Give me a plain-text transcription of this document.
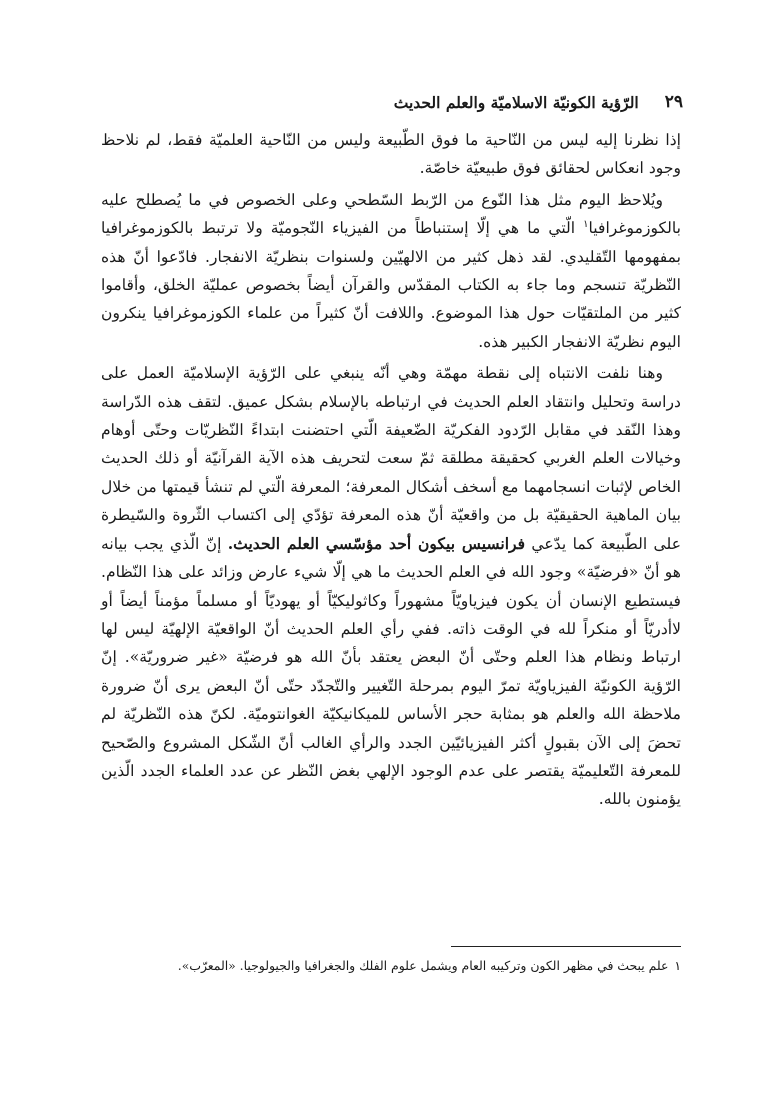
٢٩
الرّؤية الكونيّة الاسلاميّة والعلم الحديث

إذا نظرنا إليه ليس من النّاحية ما فوق الطّبيعة وليس من النّاحية العلميّة فقط، لم نلاحظ وجود انعكاس لحقائق فوق طبيعيّة خاصّة.

ويُلاحظ اليوم مثل هذا النّوع من الرّبط السّطحي وعلى الخصوص في ما يُصطلح عليه بالكوزموغرافيا$^١$ الّتي ما هي إلّا إستنباطاً من الفيزياء النّجوميّة ولا ترتبط بالكوزموغرافيا بمفهومها التّقليدي. لقد ذهل كثير من الالهيّين ولسنوات بنظريّة الانفجار. فادّعوا أنّ هذه النّظريّة تنسجم وما جاء به الكتاب المقدّس والقرآن أيضاً بخصوص عمليّة الخلق، وأقاموا كثير من الملتقيّات حول هذا الموضوع. واللافت أنّ كثيراً من علماء الكوزموغرافيا ينكرون اليوم نظريّة الانفجار الكبير هذه.

وهنا نلفت الانتباه إلى نقطة مهمّة وهي أنّه ينبغي على الرّؤية الإسلاميّة العمل على دراسة وتحليل وانتقاد العلم الحديث في ارتباطه بالإسلام بشكل عميق. لتقف هذه الدّراسة وهذا النّقد في مقابل الرّدود الفكريّة الضّعيفة الّتي احتضنت ابتداءً النّظريّات وحتّى أوهام وخيالات العلم الغربي كحقيقة مطلقة ثمّ سعت لتحريف هذه الآية القرآنيّة أو ذلك الحديث الخاص لإثبات انسجامهما مع أسخف أشكال المعرفة؛ المعرفة الّتي لم تنشأ قيمتها من خلال بيان الماهية الحقيقيّة بل من واقعيّة أنّ هذه المعرفة تؤدّي إلى اكتساب الثّروة والسّيطرة على الطّبيعة كما يدّعي فرانسيس بيكون أحد مؤسّسي العلم الحديث. إنّ الّذي يجب بيانه هو أنّ «فرضيّة» وجود الله في العلم الحديث ما هي إلّا شيء عارض وزائد على هذا النّظام. فيستطيع الإنسان أن يكون فيزياويّاً مشهوراً وكاثوليكيّاً أو يهوديّاً أو مسلماً مؤمناً أيضاً أو لاأدريّاً أو منكراً لله في الوقت ذاته. ففي رأي العلم الحديث أنّ الواقعيّة الإلهيّة ليس لها ارتباط ونظام هذا العلم وحتّى أنّ البعض يعتقد بأنّ الله هو فرضيّة «غير ضروريّة». إنّ الرّؤية الكونيّة الفيزياويّة تمرّ اليوم بمرحلة التّغيير والتّجدّد حتّى أنّ البعض يرى أنّ ضرورة ملاحظة الله والعلم هو بمثابة حجر الأساس للميكانيكيّة الغوانتوميّة. لكنّ هذه النّظريّة لم تحضَ إلى الآن بقبولٍ أكثر الفيزيائيّين الجدد والرأي الغالب أنّ الشّكل المشروع والصّحيح للمعرفة التّعليميّة يقتصر على عدم الوجود الإلهي بغض النّظر عن عدد العلماء الجدد الّذين يؤمنون بالله.

١علم يبحث في مظهر الكون وتركيبه العام ويشمل علوم الفلك والجغرافيا والجيولوجيا. «المعرّب».
